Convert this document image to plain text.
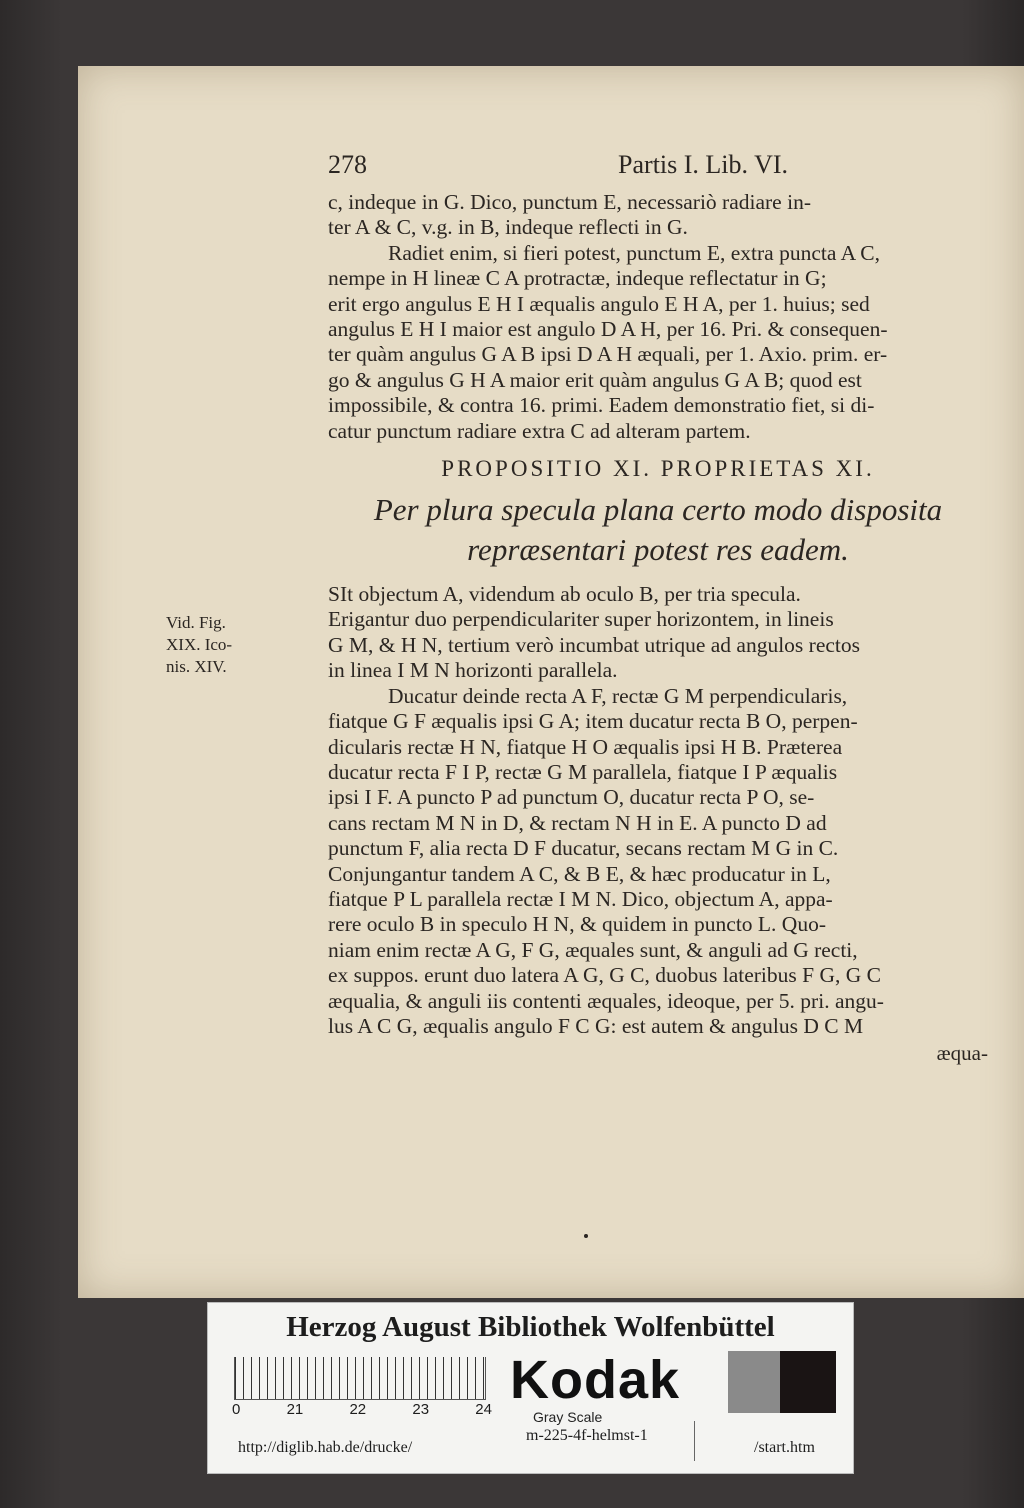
Vid. Fig.
XIX. Ico-
nis. XIV.
278	Partis I. Lib. VI.
c, indeque in G. Dico, punctum E, necessariò radiare in-
ter A & C, v.g. in B, indeque reflecti in G.
Radiet enim, si fieri potest, punctum E, extra puncta A C,
nempe in H lineæ C A protractæ, indeque reflectatur in G;
erit ergo angulus E H I æqualis angulo E H A, per 1. huius; sed
angulus E H I maior est angulo D A H, per 16. Pri. & consequen-
ter quàm angulus G A B ipsi D A H æquali, per 1. Axio. prim. er-
go & angulus G H A maior erit quàm angulus G A B; quod est
impossibile, & contra 16. primi. Eadem demonstratio fiet, si di-
catur punctum radiare extra C ad alteram partem.
PROPOSITIO XI. PROPRIETAS XI.
Per plura specula plana certo modo disposita
repræsentari potest res eadem.
SIt objectum A, videndum ab oculo B, per tria specula.
Erigantur duo perpendiculariter super horizontem, in lineis
G M, & H N, tertium verò incumbat utrique ad angulos rectos
in linea I M N horizonti parallela.
Ducatur deinde recta A F, rectæ G M perpendicularis,
fiatque G F æqualis ipsi G A; item ducatur recta B O, perpen-
dicularis rectæ H N, fiatque H O æqualis ipsi H B. Præterea
ducatur recta F I P, rectæ G M parallela, fiatque I P æqualis
ipsi I F. A puncto P ad punctum O, ducatur recta P O, se-
cans rectam M N in D, & rectam N H in E. A puncto D ad
punctum F, alia recta D F ducatur, secans rectam M G in C.
Conjungantur tandem A C, & B E, & hæc producatur in L,
fiatque P L parallela rectæ I M N. Dico, objectum A, appa-
rere oculo B in speculo H N, & quidem in puncto L. Quo-
niam enim rectæ A G, F G, æquales sunt, & anguli ad G recti,
ex suppos. erunt duo latera A G, G C, duobus lateribus F G, G C
æqualia, & anguli iis contenti æquales, ideoque, per 5. pri. angu-
lus A C G, æqualis angulo F C G: est autem & angulus D C M
æqua-
Herzog August Bibliothek Wolfenbüttel
0	21	22	23	24 Kodak
Gray Scale
http://diglib.hab.de/drucke/
m-225-4f-helmst-1
/start.htm
